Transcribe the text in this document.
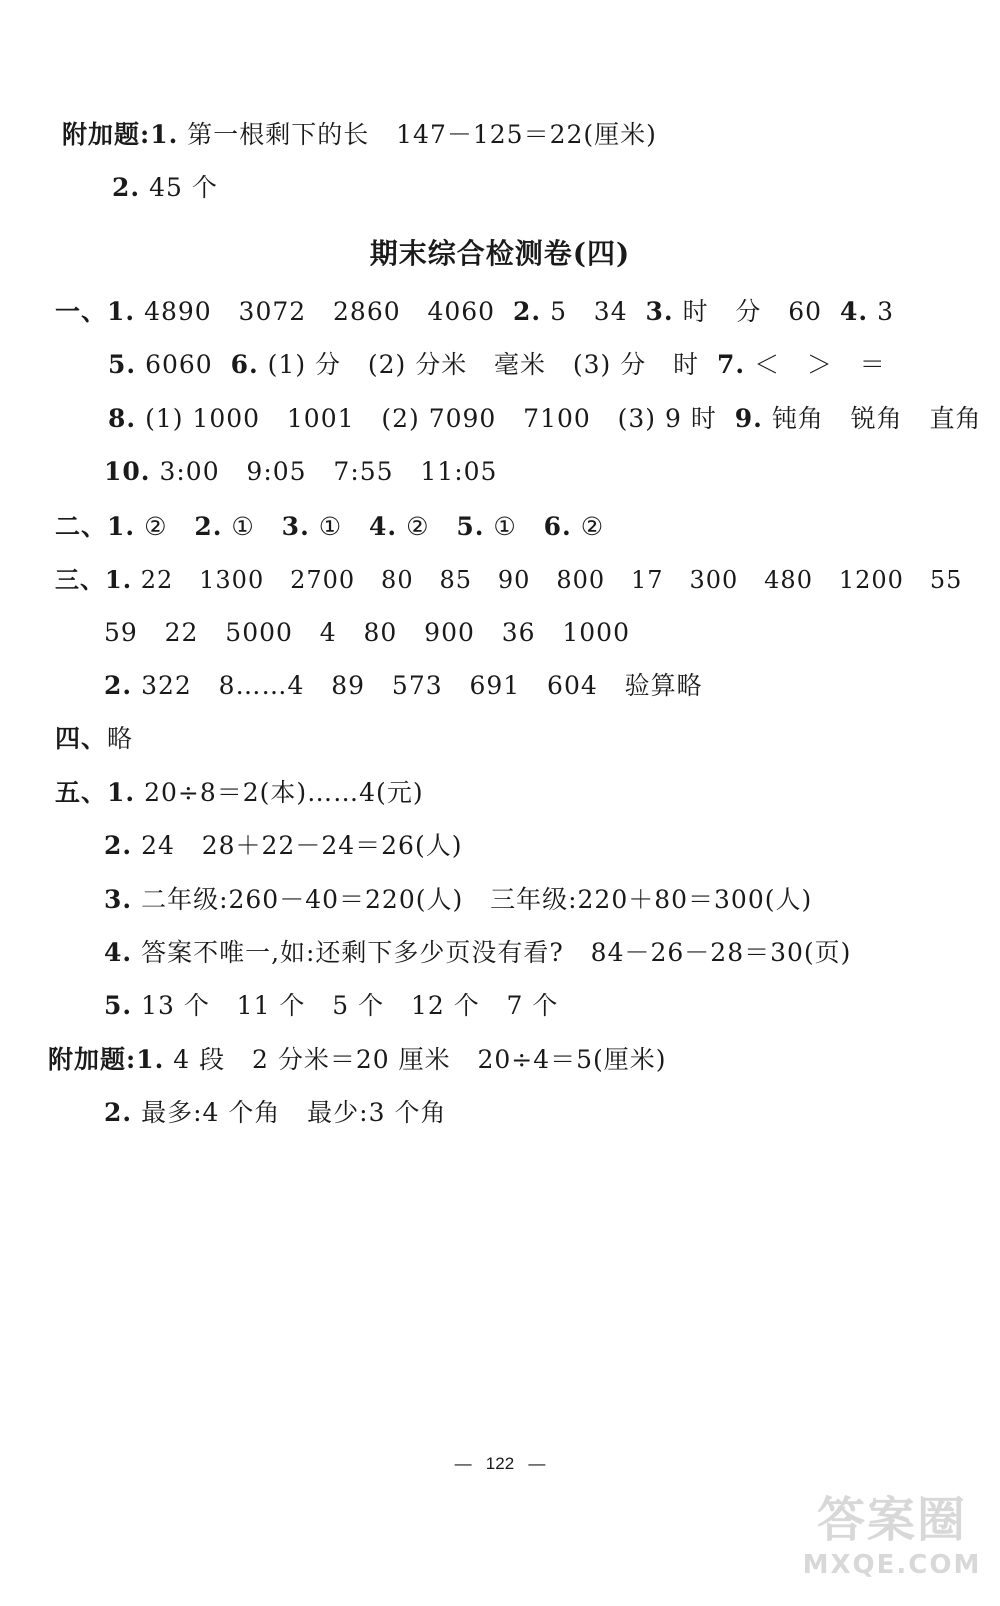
附加题:1. 第一根剩下的长   147－125＝22(厘米)
2. 45 个
期末综合检测卷(四)
一、1. 4890   3072   2860   4060 2. 5   34 3. 时   分   60 4. 3
5. 6060 6. (1) 分   (2) 分米   毫米   (3) 分   时 7. ＜   ＞   ＝
8. (1) 1000   1001   (2) 7090   7100   (3) 9 时 9. 钝角   锐角   直角
10. 3:00   9:05   7:55   11:05
二、1. ② 2. ① 3. ① 4. ② 5. ① 6. ②
三、1. 22   1300   2700   80   85   90   800   17   300   480   1200   55
59   22   5000   4   80   900   36   1000
2. 322   8……4   89   573   691   604   验算略
四、略
五、1. 20÷8＝2(本)……4(元)
2. 24   28＋22－24＝26(人)
3. 二年级:260－40＝220(人)   三年级:220＋80＝300(人)
4. 答案不唯一,如:还剩下多少页没有看?   84－26－28＝30(页)
5. 13 个   11 个   5 个   12 个   7 个
附加题:1. 4 段   2 分米＝20 厘米   20÷4＝5(厘米)
2. 最多:4 个角   最少:3 个角
—   122   —
答案圈
MXQE.COM
